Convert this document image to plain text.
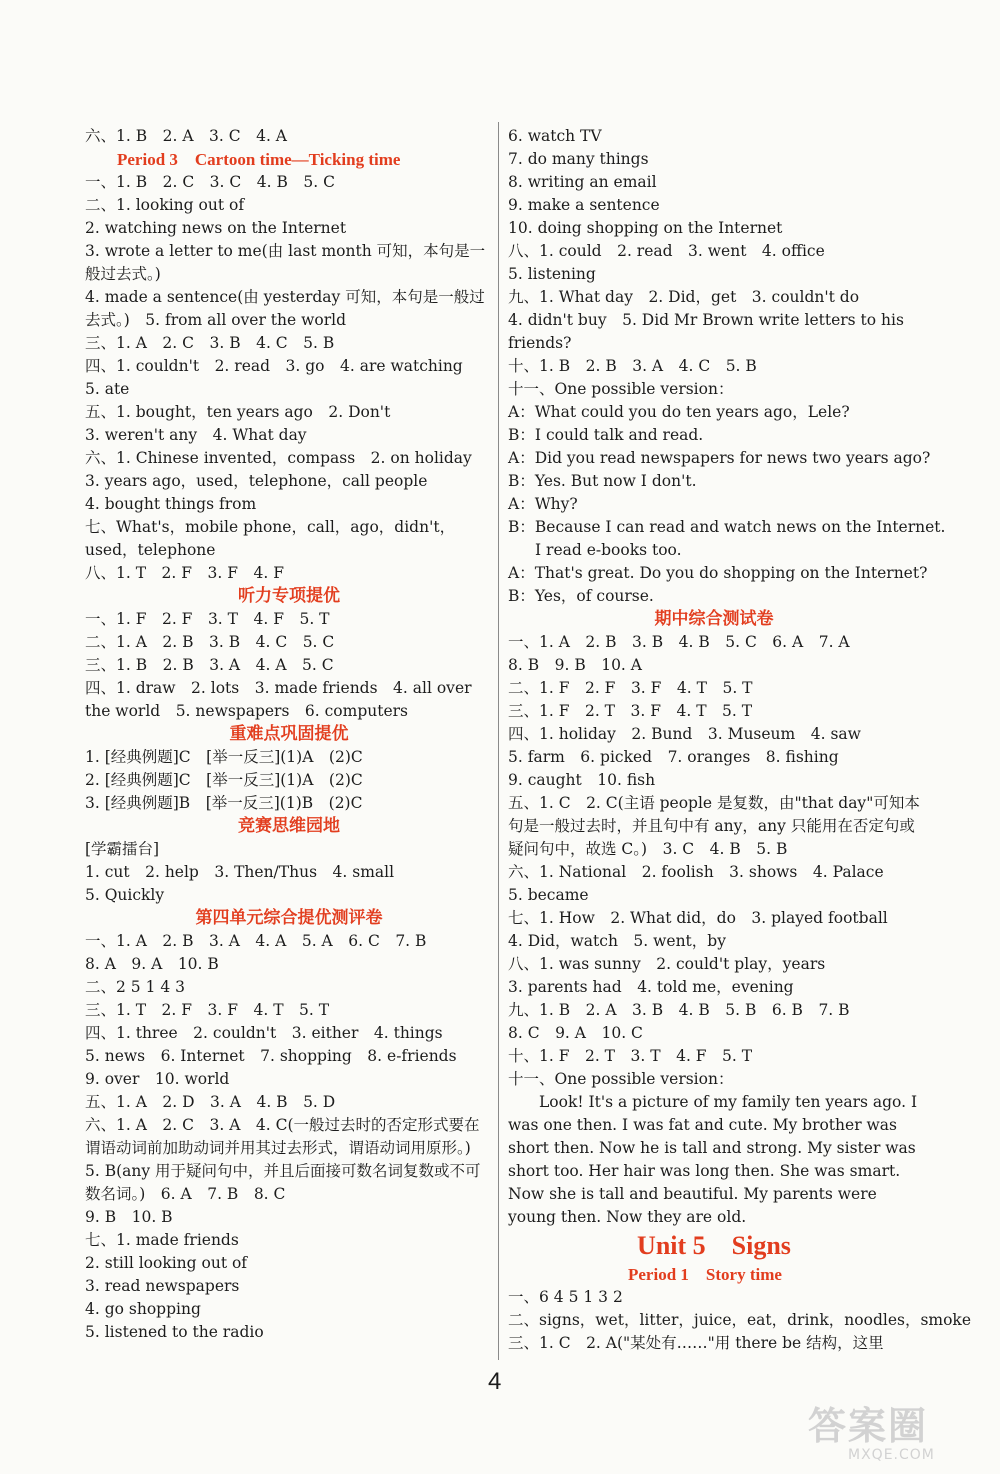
六、1. B　2. A　3. C　4. A
Period 3　Cartoon time—Ticking time
一、1. B　2. C　3. C　4. B　5. C
二、1. looking out of
2. watching news on the Internet
3. wrote a letter to me(由 last month 可知，本句是一般过去式。)
4. made a sentence(由 yesterday 可知，本句是一般过去式。)　5. from all over the world
三、1. A　2. C　3. B　4. C　5. B
四、1. couldn't　2. read　3. go　4. are watching
5. ate
五、1. bought，ten years ago　2. Don't
3. weren't any　4. What day
六、1. Chinese invented，compass　2. on holiday
3. years ago，used，telephone，call people
4. bought things from
七、What's，mobile phone，call，ago，didn't，used，telephone
八、1. T　2. F　3. F　4. F
听力专项提优
一、1. F　2. F　3. T　4. F　5. T
二、1. A　2. B　3. B　4. C　5. C
三、1. B　2. B　3. A　4. A　5. C
四、1. draw　2. lots　3. made friends　4. all over the world　5. newspapers　6. computers
重难点巩固提优
1. [经典例题]C　[举一反三](1)A　(2)C
2. [经典例题]C　[举一反三](1)A　(2)C
3. [经典例题]B　[举一反三](1)B　(2)C
竞赛思维园地
[学霸擂台]
1. cut　2. help　3. Then/Thus　4. small
5. Quickly
第四单元综合提优测评卷
一、1. A　2. B　3. A　4. A　5. A　6. C　7. B
8. A　9. A　10. B
二、2 5 1 4 3
三、1. T　2. F　3. F　4. T　5. T
四、1. three　2. couldn't　3. either　4. things
5. news　6. Internet　7. shopping　8. e-friends
9. over　10. world
五、1. A　2. D　3. A　4. B　5. D
六、1. A　2. C　3. A　4. C(一般过去时的否定形式要在谓语动词前加助动词并用其过去形式，谓语动词用原形。)　5. B(any 用于疑问句中，并且后面接可数名词复数或不可数名词。)　6. A　7. B　8. C
9. B　10. B
七、1. made friends
2. still looking out of
3. read newspapers
4. go shopping
5. listened to the radio
6. watch TV
7. do many things
8. writing an email
9. make a sentence
10. doing shopping on the Internet
八、1. could　2. read　3. went　4. office
5. listening
九、1. What day　2. Did，get　3. couldn't do
4. didn't buy　5. Did Mr Brown write letters to his friends?
十、1. B　2. B　3. A　4. C　5. B
十一、One possible version：
A：What could you do ten years ago，Lele?
B：I could talk and read.
A：Did you read newspapers for news two years ago?
B：Yes. But now I don't.
A：Why?
B：Because I can read and watch news on the Internet.
I read e-books too.
A：That's great. Do you do shopping on the Internet?
B：Yes，of course.
期中综合测试卷
一、1. A　2. B　3. B　4. B　5. C　6. A　7. A
8. B　9. B　10. A
二、1. F　2. F　3. F　4. T　5. T
三、1. F　2. T　3. F　4. T　5. T
四、1. holiday　2. Bund　3. Museum　4. saw
5. farm　6. picked　7. oranges　8. fishing
9. caught　10. fish
五、1. C　2. C(主语 people 是复数，由"that day"可知本句是一般过去时，并且句中有 any，any 只能用在否定句或疑问句中，故选 C。)　3. C　4. B　5. B
六、1. National　2. foolish　3. shows　4. Palace
5. became
七、1. How　2. What did，do　3. played football
4. Did，watch　5. went，by
八、1. was sunny　2. could't play，years
3. parents had　4. told me，evening
九、1. B　2. A　3. B　4. B　5. B　6. B　7. B
8. C　9. A　10. C
十、1. F　2. T　3. T　4. F　5. T
十一、One possible version：
Look! It's a picture of my family ten years ago. I was one then. I was fat and cute. My brother was short then. Now he is tall and strong. My sister was short too. Her hair was long then. She was smart. Now she is tall and beautiful. My parents were young then. Now they are old.
Unit 5　Signs
Period 1　Story time
一、6 4 5 1 3 2
二、signs，wet，litter，juice，eat，drink，noodles，smoke
三、1. C　2. A("某处有……"用 there be 结构，这里
4
答案圈
MXQE.COM
